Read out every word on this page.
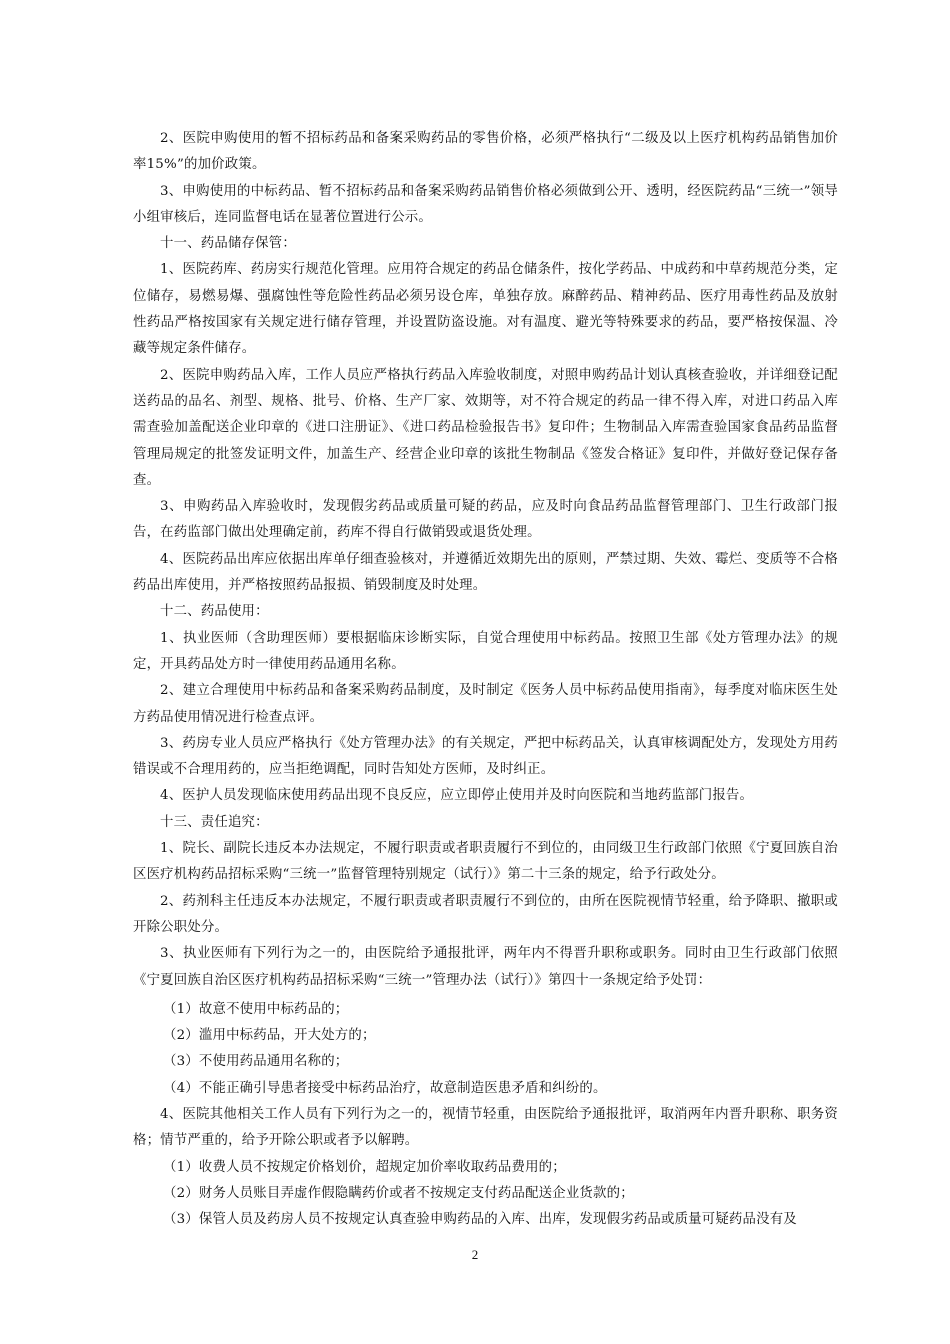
2、医院申购使用的暂不招标药品和备案采购药品的零售价格，必须严格执行“二级及以上医疗机构药品销售加价率15%”的加价政策。

3、申购使用的中标药品、暂不招标药品和备案采购药品销售价格必须做到公开、透明，经医院药品“三统一”领导小组审核后，连同监督电话在显著位置进行公示。

十一、药品储存保管：

1、医院药库、药房实行规范化管理。应用符合规定的药品仓储条件，按化学药品、中成药和中草药规范分类，定位储存，易燃易爆、强腐蚀性等危险性药品必须另设仓库，单独存放。麻醉药品、精神药品、医疗用毒性药品及放射性药品严格按国家有关规定进行储存管理，并设置防盗设施。对有温度、避光等特殊要求的药品，要严格按保温、冷藏等规定条件储存。

2、医院申购药品入库，工作人员应严格执行药品入库验收制度，对照申购药品计划认真核查验收，并详细登记配送药品的品名、剂型、规格、批号、价格、生产厂家、效期等，对不符合规定的药品一律不得入库，对进口药品入库需查验加盖配送企业印章的《进口注册证》、《进口药品检验报告书》复印件；生物制品入库需查验国家食品药品监督管理局规定的批签发证明文件，加盖生产、经营企业印章的该批生物制品《签发合格证》复印件，并做好登记保存备查。

3、申购药品入库验收时，发现假劣药品或质量可疑的药品，应及时向食品药品监督管理部门、卫生行政部门报告，在药监部门做出处理确定前，药库不得自行做销毁或退货处理。

4、医院药品出库应依据出库单仔细查验核对，并遵循近效期先出的原则，严禁过期、失效、霉烂、变质等不合格药品出库使用，并严格按照药品报损、销毁制度及时处理。

十二、药品使用：

1、执业医师（含助理医师）要根据临床诊断实际，自觉合理使用中标药品。按照卫生部《处方管理办法》的规定，开具药品处方时一律使用药品通用名称。

2、建立合理使用中标药品和备案采购药品制度，及时制定《医务人员中标药品使用指南》，每季度对临床医生处方药品使用情况进行检查点评。

3、药房专业人员应严格执行《处方管理办法》的有关规定，严把中标药品关，认真审核调配处方，发现处方用药错误或不合理用药的，应当拒绝调配，同时告知处方医师，及时纠正。

4、医护人员发现临床使用药品出现不良反应，应立即停止使用并及时向医院和当地药监部门报告。

十三、责任追究：

1、院长、副院长违反本办法规定，不履行职责或者职责履行不到位的，由同级卫生行政部门依照《宁夏回族自治区医疗机构药品招标采购“三统一”监督管理特别规定（试行）》第二十三条的规定，给予行政处分。

2、药剂科主任违反本办法规定，不履行职责或者职责履行不到位的，由所在医院视情节轻重，给予降职、撤职或开除公职处分。

3、执业医师有下列行为之一的，由医院给予通报批评，两年内不得晋升职称或职务。同时由卫生行政部门依照《宁夏回族自治区医疗机构药品招标采购“三统一”管理办法（试行）》第四十一条规定给予处罚：

（1）故意不使用中标药品的；

（2）滥用中标药品，开大处方的；

（3）不使用药品通用名称的；

（4）不能正确引导患者接受中标药品治疗，故意制造医患矛盾和纠纷的。

4、医院其他相关工作人员有下列行为之一的，视情节轻重，由医院给予通报批评，取消两年内晋升职称、职务资格；情节严重的，给予开除公职或者予以解聘。

（1）收费人员不按规定价格划价，超规定加价率收取药品费用的；

（2）财务人员账目弄虚作假隐瞒药价或者不按规定支付药品配送企业货款的；

（3）保管人员及药房人员不按规定认真查验申购药品的入库、出库，发现假劣药品或质量可疑药品没有及

2
